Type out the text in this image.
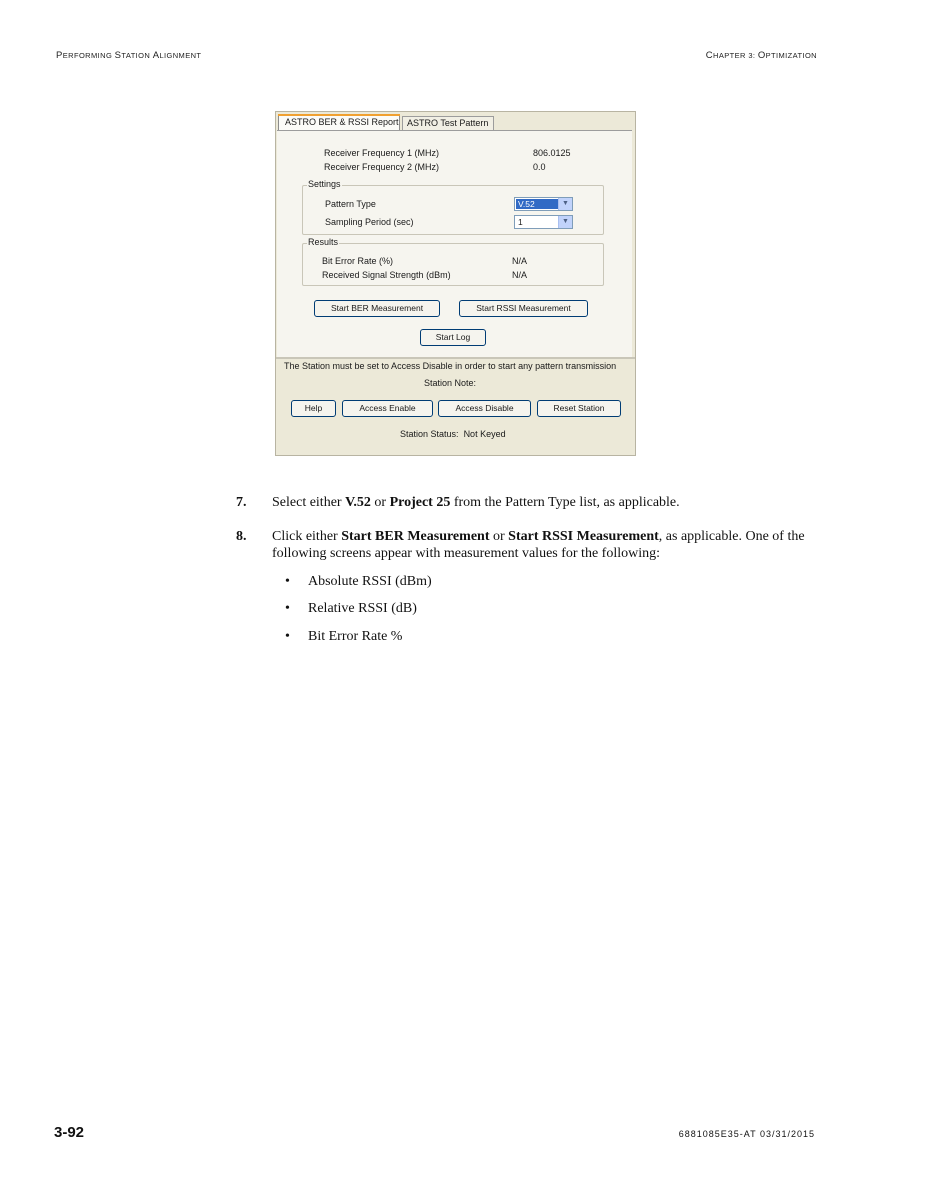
PERFORMING STATION ALIGNMENT	CHAPTER 3: OPTIMIZATION
ASTRO BER & RSSI Report ASTRO Test Pattern
Receiver Frequency 1 (MHz)	806.0125
Receiver Frequency 2 (MHz)	0.0
Settings
Pattern Type	V.52	▼
Sampling Period (sec)	1	▼
Results
Bit Error Rate (%)	N/A
Received Signal Strength (dBm)	N/A
Start BER Measurement	Start RSSI Measurement
Start Log
The Station must be set to Access Disable in order to start any pattern transmission
Station Note:
Help	Access Enable	Access Disable	Reset Station
Station Status: Not Keyed
7. Select either V.52 or Project 25 from the Pattern Type list, as applicable.
8. Click either Start BER Measurement or Start RSSI Measurement, as applicable. One of the following screens appear with measurement values for the following:
• Absolute RSSI (dBm)
• Relative RSSI (dB)
• Bit Error Rate %
3-92	6881085E35-AT 03/31/2015
